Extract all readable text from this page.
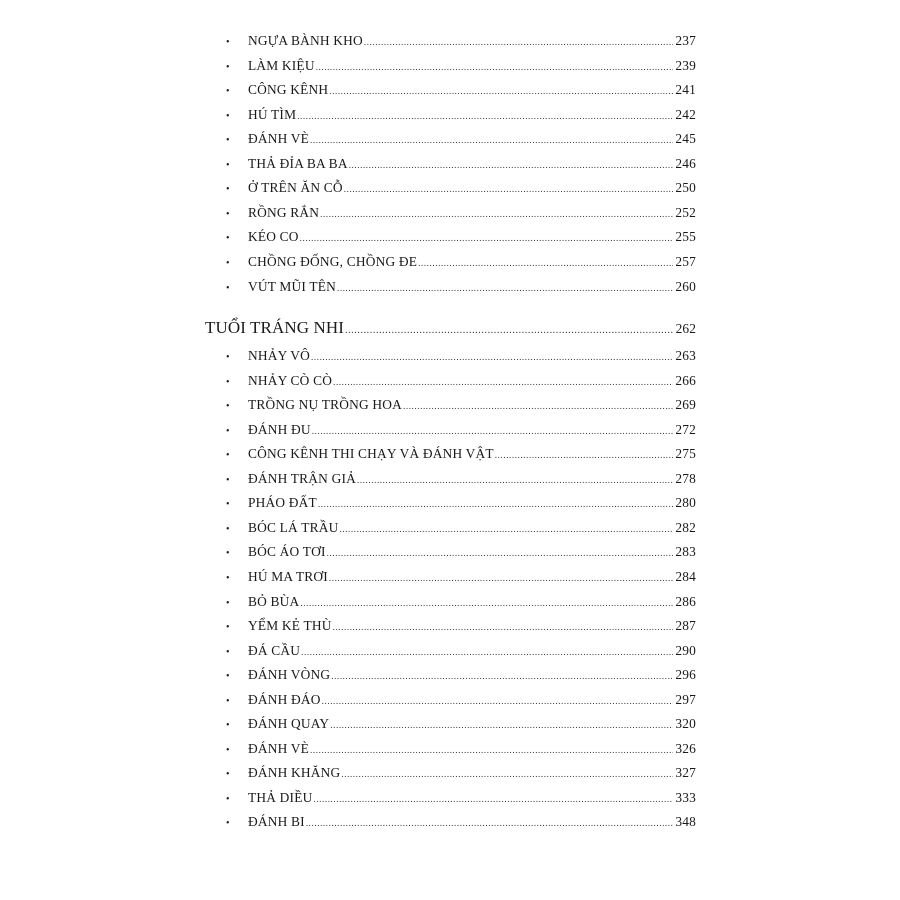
•	NGỰA BÀNH KHO .....	237
•	LÀM KIỆU .....	239
•	CÔNG KÊNH .....	241
•	HÚ TÌM .....	242
•	ĐÁNH VÈ .....	245
•	THẢ ĐỈA BA BA .....	246
•	Ở TRÊN ĂN CỖ .....	250
•	RỒNG RẮN .....	252
•	KÉO CO .....	255
•	CHỒNG ĐỐNG, CHỒNG ĐE .....	257
•	VÚT MŨI TÊN .....	260
TUỔI TRÁNG NHI .....	262
•	NHẢY VÔ .....	263
•	NHẢY CÒ CÒ .....	266
•	TRỒNG NỤ TRỒNG HOA .....	269
•	ĐÁNH ĐU .....	272
•	CÔNG KÊNH THI CHẠY VÀ ĐÁNH VẬT .....	275
•	ĐÁNH TRẬN GIẢ .....	278
•	PHÁO ĐẤT .....	280
•	BÓC LÁ TRẦU .....	282
•	BÓC ÁO TƠI .....	283
•	HÚ MA TRƠI .....	284
•	BỎ BÙA .....	286
•	YỂM KẺ THÙ .....	287
•	ĐÁ CẦU .....	290
•	ĐÁNH VÒNG .....	296
•	ĐÁNH ĐÁO .....	297
•	ĐÁNH QUAY .....	320
•	ĐÁNH VÈ .....	326
•	ĐÁNH KHĂNG .....	327
•	THẢ DIỀU .....	333
•	ĐÁNH BI .....	348
